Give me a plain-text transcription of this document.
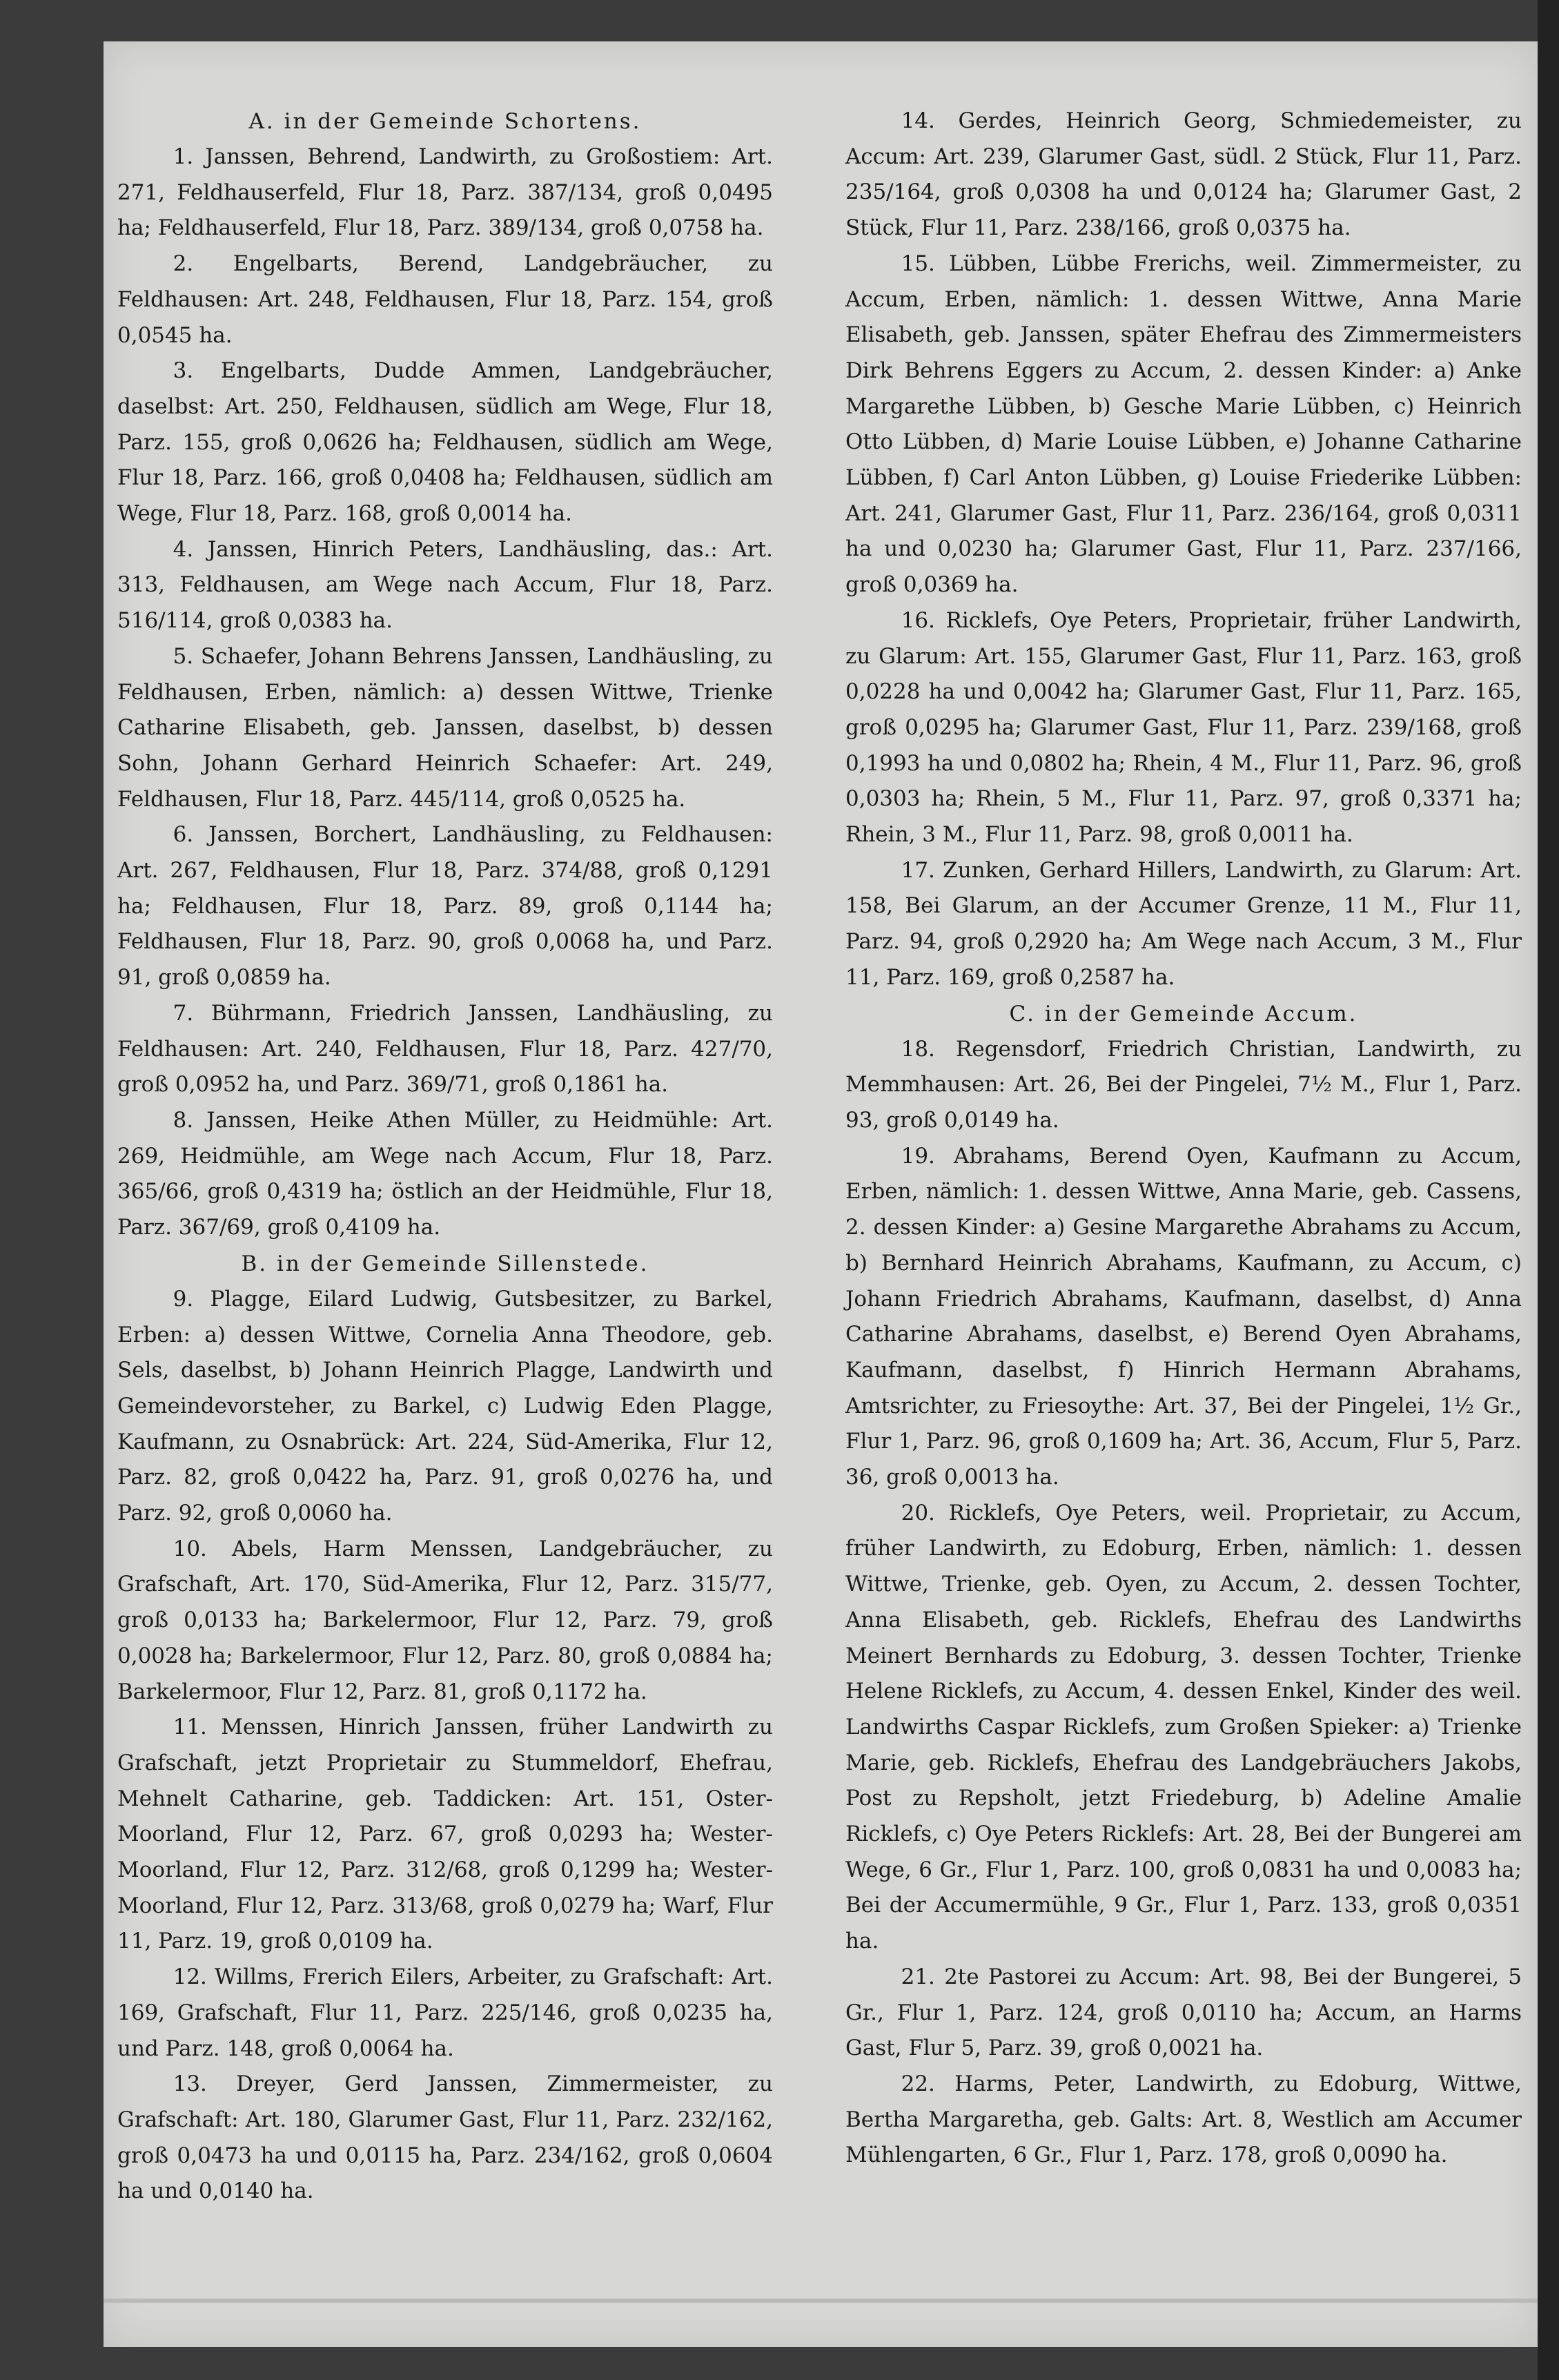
A. in der Gemeinde Schortens.

1. Janssen, Behrend, Landwirth, zu Großostiem: Art. 271, Feldhauserfeld, Flur 18, Parz. 387/134, groß 0,0495 ha; Feldhauserfeld, Flur 18, Parz. 389/134, groß 0,0758 ha.

2. Engelbarts, Berend, Landgebräucher, zu Feldhausen: Art. 248, Feldhausen, Flur 18, Parz. 154, groß 0,0545 ha.

3. Engelbarts, Dudde Ammen, Landgebräucher, daselbst: Art. 250, Feldhausen, südlich am Wege, Flur 18, Parz. 155, groß 0,0626 ha; Feldhausen, südlich am Wege, Flur 18, Parz. 166, groß 0,0408 ha; Feldhausen, südlich am Wege, Flur 18, Parz. 168, groß 0,0014 ha.

4. Janssen, Hinrich Peters, Landhäusling, das.: Art. 313, Feldhausen, am Wege nach Accum, Flur 18, Parz. 516/114, groß 0,0383 ha.

5. Schaefer, Johann Behrens Janssen, Landhäusling, zu Feldhausen, Erben, nämlich: a) dessen Wittwe, Trienke Catharine Elisabeth, geb. Janssen, daselbst, b) dessen Sohn, Johann Gerhard Heinrich Schaefer: Art. 249, Feldhausen, Flur 18, Parz. 445/114, groß 0,0525 ha.

6. Janssen, Borchert, Landhäusling, zu Feldhausen: Art. 267, Feldhausen, Flur 18, Parz. 374/88, groß 0,1291 ha; Feldhausen, Flur 18, Parz. 89, groß 0,1144 ha; Feldhausen, Flur 18, Parz. 90, groß 0,0068 ha, und Parz. 91, groß 0,0859 ha.

7. Bührmann, Friedrich Janssen, Landhäusling, zu Feldhausen: Art. 240, Feldhausen, Flur 18, Parz. 427/70, groß 0,0952 ha, und Parz. 369/71, groß 0,1861 ha.

8. Janssen, Heike Athen Müller, zu Heidmühle: Art. 269, Heidmühle, am Wege nach Accum, Flur 18, Parz. 365/66, groß 0,4319 ha; östlich an der Heidmühle, Flur 18, Parz. 367/69, groß 0,4109 ha.

B. in der Gemeinde Sillenstede.

9. Plagge, Eilard Ludwig, Gutsbesitzer, zu Barkel, Erben: a) dessen Wittwe, Cornelia Anna Theodore, geb. Sels, daselbst, b) Johann Heinrich Plagge, Landwirth und Gemeindevorsteher, zu Barkel, c) Ludwig Eden Plagge, Kaufmann, zu Osnabrück: Art. 224, Süd-Amerika, Flur 12, Parz. 82, groß 0,0422 ha, Parz. 91, groß 0,0276 ha, und Parz. 92, groß 0,0060 ha.

10. Abels, Harm Menssen, Landgebräucher, zu Grafschaft, Art. 170, Süd-Amerika, Flur 12, Parz. 315/77, groß 0,0133 ha; Barkelermoor, Flur 12, Parz. 79, groß 0,0028 ha; Barkelermoor, Flur 12, Parz. 80, groß 0,0884 ha; Barkelermoor, Flur 12, Parz. 81, groß 0,1172 ha.

11. Menssen, Hinrich Janssen, früher Landwirth zu Grafschaft, jetzt Proprietair zu Stummeldorf, Ehefrau, Mehnelt Catharine, geb. Taddicken: Art. 151, Oster-Moorland, Flur 12, Parz. 67, groß 0,0293 ha; Wester-Moorland, Flur 12, Parz. 312/68, groß 0,1299 ha; Wester-Moorland, Flur 12, Parz. 313/68, groß 0,0279 ha; Warf, Flur 11, Parz. 19, groß 0,0109 ha.

12. Willms, Frerich Eilers, Arbeiter, zu Grafschaft: Art. 169, Grafschaft, Flur 11, Parz. 225/146, groß 0,0235 ha, und Parz. 148, groß 0,0064 ha.

13. Dreyer, Gerd Janssen, Zimmermeister, zu Grafschaft: Art. 180, Glarumer Gast, Flur 11, Parz. 232/162, groß 0,0473 ha und 0,0115 ha, Parz. 234/162, groß 0,0604 ha und 0,0140 ha.

14. Gerdes, Heinrich Georg, Schmiedemeister, zu Accum: Art. 239, Glarumer Gast, südl. 2 Stück, Flur 11, Parz. 235/164, groß 0,0308 ha und 0,0124 ha; Glarumer Gast, 2 Stück, Flur 11, Parz. 238/166, groß 0,0375 ha.

15. Lübben, Lübbe Frerichs, weil. Zimmermeister, zu Accum, Erben, nämlich: 1. dessen Wittwe, Anna Marie Elisabeth, geb. Janssen, später Ehefrau des Zimmermeisters Dirk Behrens Eggers zu Accum, 2. dessen Kinder: a) Anke Margarethe Lübben, b) Gesche Marie Lübben, c) Heinrich Otto Lübben, d) Marie Louise Lübben, e) Johanne Catharine Lübben, f) Carl Anton Lübben, g) Louise Friederike Lübben: Art. 241, Glarumer Gast, Flur 11, Parz. 236/164, groß 0,0311 ha und 0,0230 ha; Glarumer Gast, Flur 11, Parz. 237/166, groß 0,0369 ha.

16. Ricklefs, Oye Peters, Proprietair, früher Landwirth, zu Glarum: Art. 155, Glarumer Gast, Flur 11, Parz. 163, groß 0,0228 ha und 0,0042 ha; Glarumer Gast, Flur 11, Parz. 165, groß 0,0295 ha; Glarumer Gast, Flur 11, Parz. 239/168, groß 0,1993 ha und 0,0802 ha; Rhein, 4 M., Flur 11, Parz. 96, groß 0,0303 ha; Rhein, 5 M., Flur 11, Parz. 97, groß 0,3371 ha; Rhein, 3 M., Flur 11, Parz. 98, groß 0,0011 ha.

17. Zunken, Gerhard Hillers, Landwirth, zu Glarum: Art. 158, Bei Glarum, an der Accumer Grenze, 11 M., Flur 11, Parz. 94, groß 0,2920 ha; Am Wege nach Accum, 3 M., Flur 11, Parz. 169, groß 0,2587 ha.

C. in der Gemeinde Accum.

18. Regensdorf, Friedrich Christian, Landwirth, zu Memmhausen: Art. 26, Bei der Pingelei, 7½ M., Flur 1, Parz. 93, groß 0,0149 ha.

19. Abrahams, Berend Oyen, Kaufmann zu Accum, Erben, nämlich: 1. dessen Wittwe, Anna Marie, geb. Cassens, 2. dessen Kinder: a) Gesine Margarethe Abrahams zu Accum, b) Bernhard Heinrich Abrahams, Kaufmann, zu Accum, c) Johann Friedrich Abrahams, Kaufmann, daselbst, d) Anna Catharine Abrahams, daselbst, e) Berend Oyen Abrahams, Kaufmann, daselbst, f) Hinrich Hermann Abrahams, Amtsrichter, zu Friesoythe: Art. 37, Bei der Pingelei, 1½ Gr., Flur 1, Parz. 96, groß 0,1609 ha; Art. 36, Accum, Flur 5, Parz. 36, groß 0,0013 ha.

20. Ricklefs, Oye Peters, weil. Proprietair, zu Accum, früher Landwirth, zu Edoburg, Erben, nämlich: 1. dessen Wittwe, Trienke, geb. Oyen, zu Accum, 2. dessen Tochter, Anna Elisabeth, geb. Ricklefs, Ehefrau des Landwirths Meinert Bernhards zu Edoburg, 3. dessen Tochter, Trienke Helene Ricklefs, zu Accum, 4. dessen Enkel, Kinder des weil. Landwirths Caspar Ricklefs, zum Großen Spieker: a) Trienke Marie, geb. Ricklefs, Ehefrau des Landgebräuchers Jakobs, Post zu Repsholt, jetzt Friedeburg, b) Adeline Amalie Ricklefs, c) Oye Peters Ricklefs: Art. 28, Bei der Bungerei am Wege, 6 Gr., Flur 1, Parz. 100, groß 0,0831 ha und 0,0083 ha; Bei der Accumermühle, 9 Gr., Flur 1, Parz. 133, groß 0,0351 ha.

21. 2te Pastorei zu Accum: Art. 98, Bei der Bungerei, 5 Gr., Flur 1, Parz. 124, groß 0,0110 ha; Accum, an Harms Gast, Flur 5, Parz. 39, groß 0,0021 ha.

22. Harms, Peter, Landwirth, zu Edoburg, Wittwe, Bertha Margaretha, geb. Galts: Art. 8, Westlich am Accumer Mühlengarten, 6 Gr., Flur 1, Parz. 178, groß 0,0090 ha.
